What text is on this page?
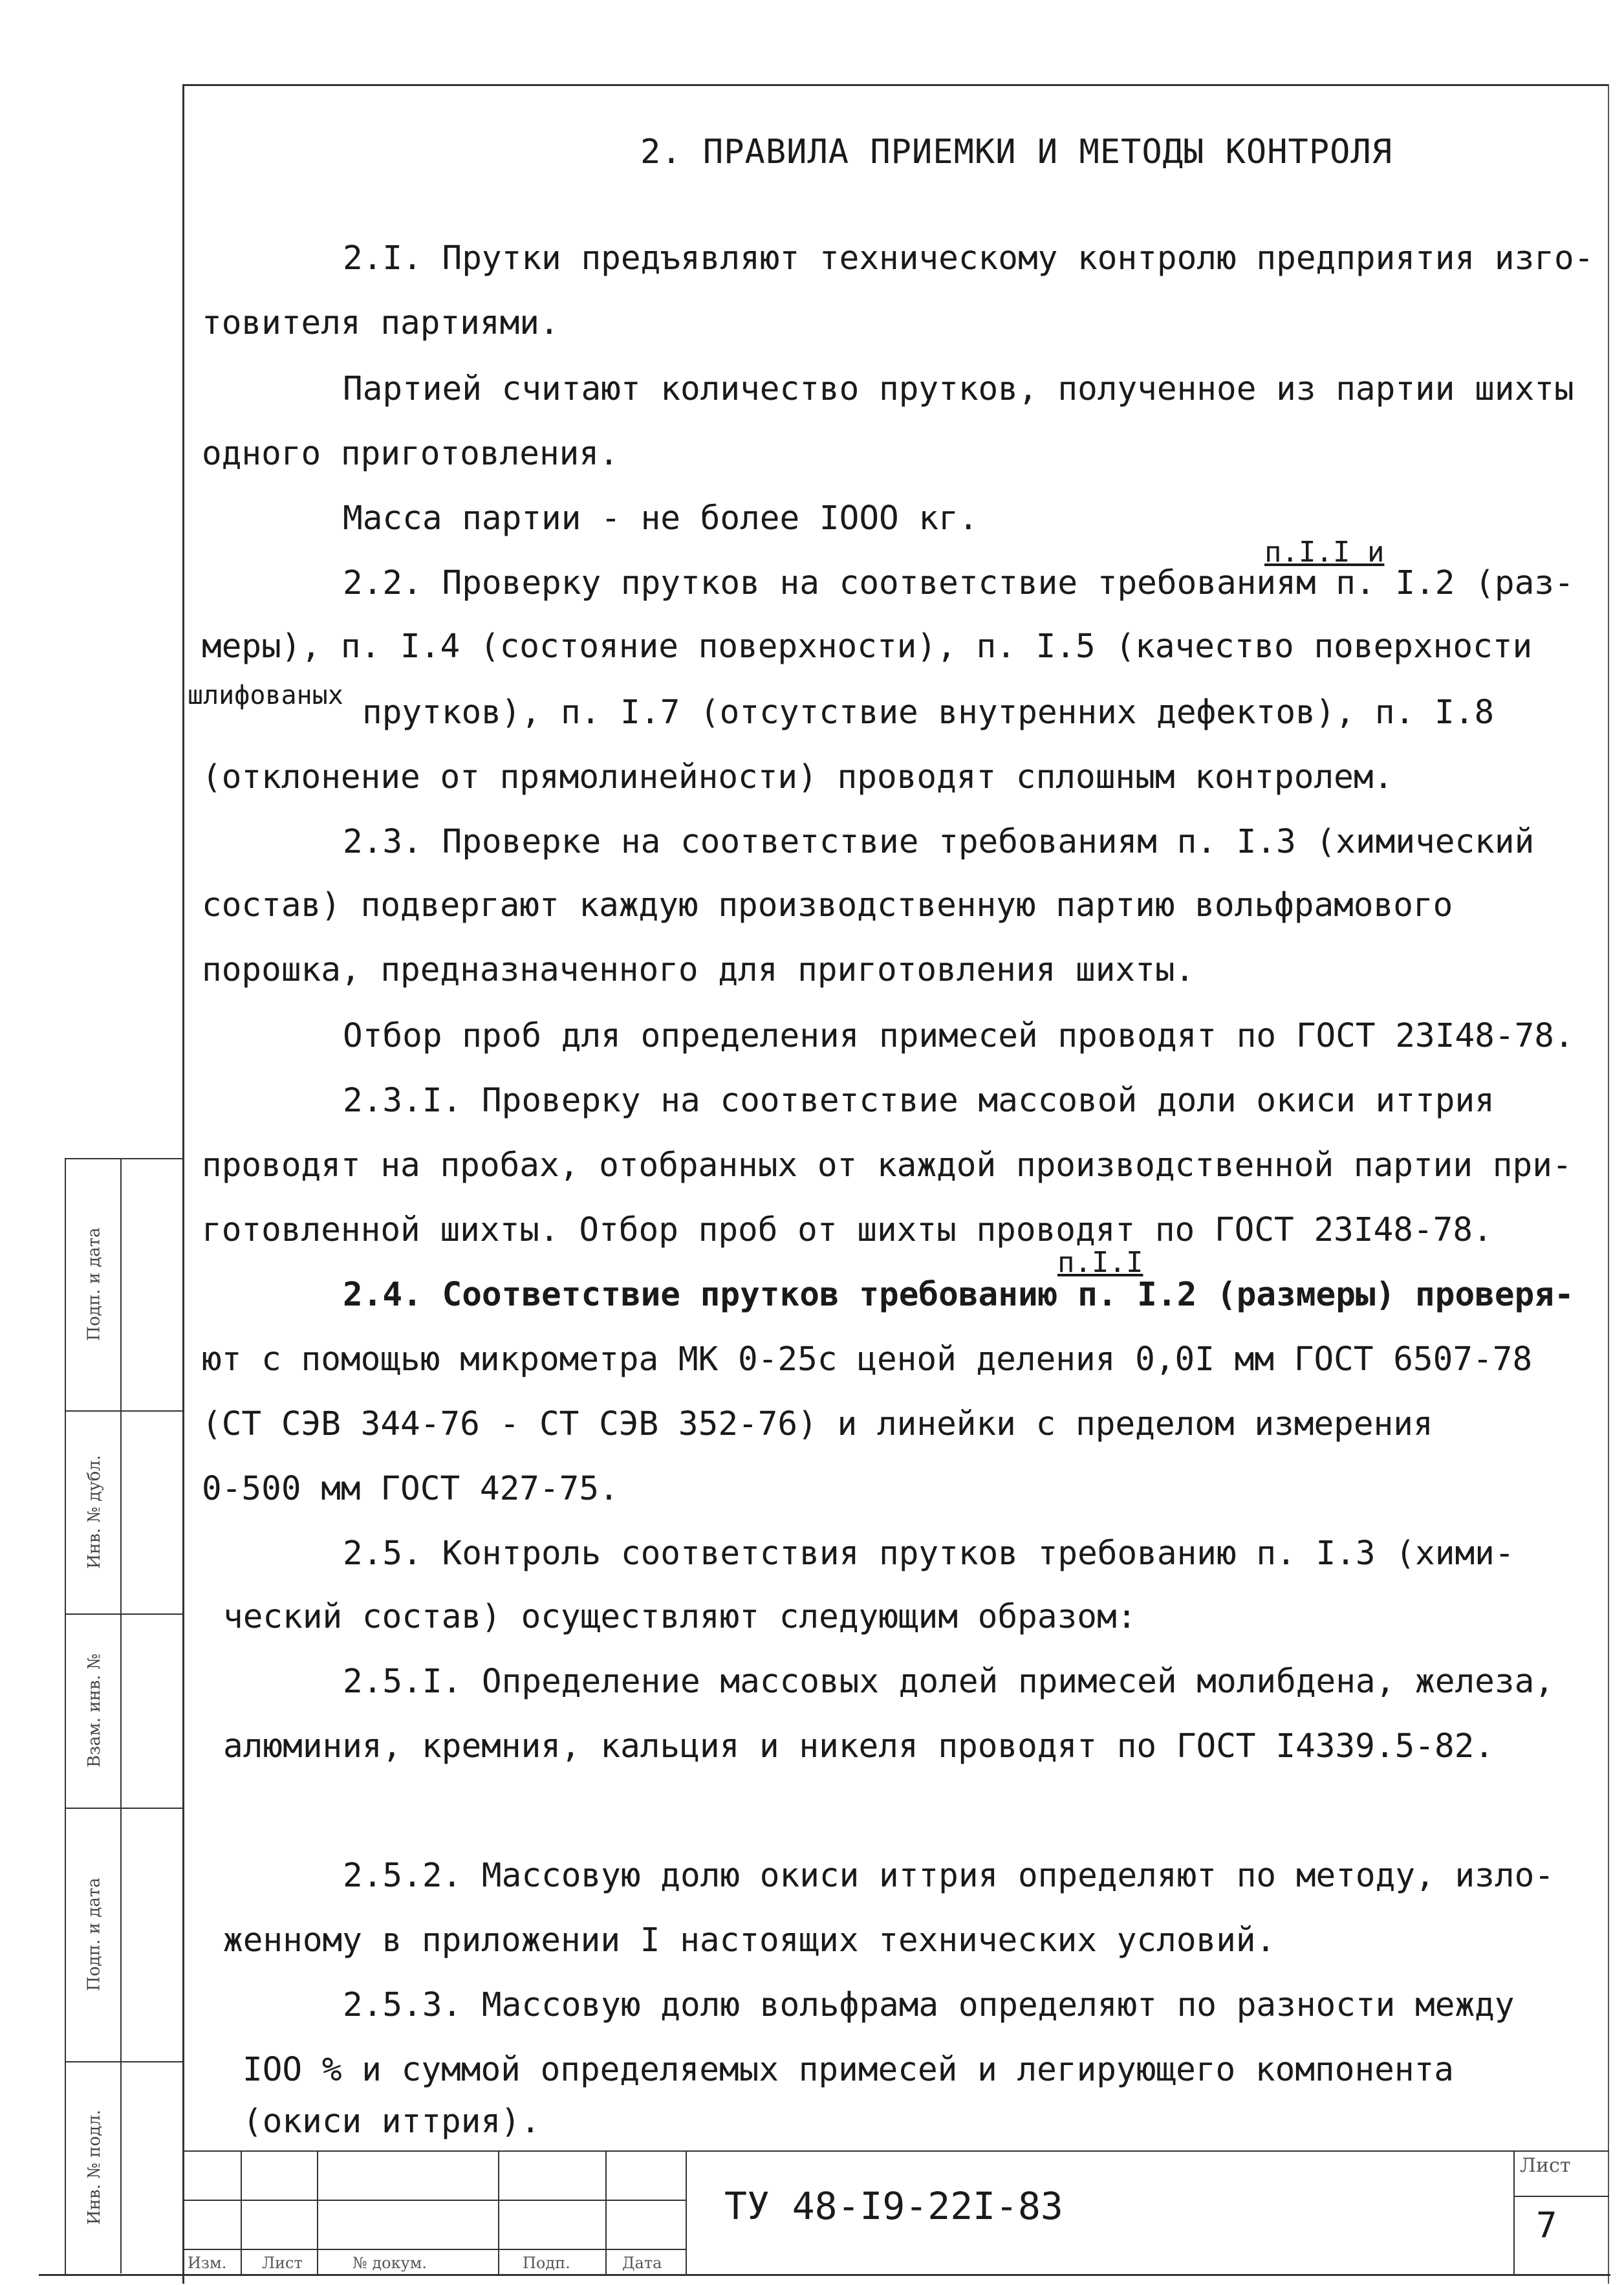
Подп. и дата
Инв. № дубл.
Взам. инв. №
Подп. и дата
Инв. № подл.
2. ПРАВИЛА ПРИЕМКИ И МЕТОДЫ КОНТРОЛЯ
2.I. Прутки предъявляют техническому контролю предприятия изго-
товителя партиями.
Партией считают количество прутков, полученное из партии шихты
одного приготовления.
Масса партии - не более IOOO кг.
п.I.I и
2.2. Проверку прутков на соответствие требованиям п. I.2 (раз-
меры), п. I.4 (состояние поверхности), п. I.5 (качество поверхности
шлифованых прутков), п. I.7 (отсутствие внутренних дефектов), п. I.8
(отклонение от прямолинейности) проводят сплошным контролем.
2.3. Проверке на соответствие требованиям п. I.3 (химический
состав) подвергают каждую производственную партию вольфрамового
порошка, предназначенного для приготовления шихты.
Отбор проб для определения примесей проводят по ГОСТ 23I48-78.
2.3.I. Проверку на соответствие массовой доли окиси иттрия
проводят на пробах, отобранных от каждой производственной партии при-
готовленной шихты. Отбор проб от шихты проводят по ГОСТ 23I48-78.
п.I.I
2.4. Соответствие прутков требованию п. I.2 (размеры) проверя-
ют с помощью микрометра МК 0-25с ценой деления 0,0I мм ГОСТ 6507-78
(СТ СЭВ 344-76 - СТ СЭВ 352-76) и линейки с пределом измерения
0-500 мм ГОСТ 427-75.
2.5. Контроль соответствия прутков требованию п. I.3 (хими-
ческий состав) осуществляют следующим образом:
2.5.I. Определение массовых долей примесей молибдена, железа,
алюминия, кремния, кальция и никеля проводят по ГОСТ I4339.5-82.
2.5.2. Массовую долю окиси иттрия определяют по методу, изло-
женному в приложении I настоящих технических условий.
2.5.3. Массовую долю вольфрама определяют по разности между
IOO % и суммой определяемых примесей и легирующего компонента
(окиси иттрия).
Изм. Лист	№ докум.	Подп.	Дата
ТУ 48-I9-22I-83
Лист
7
